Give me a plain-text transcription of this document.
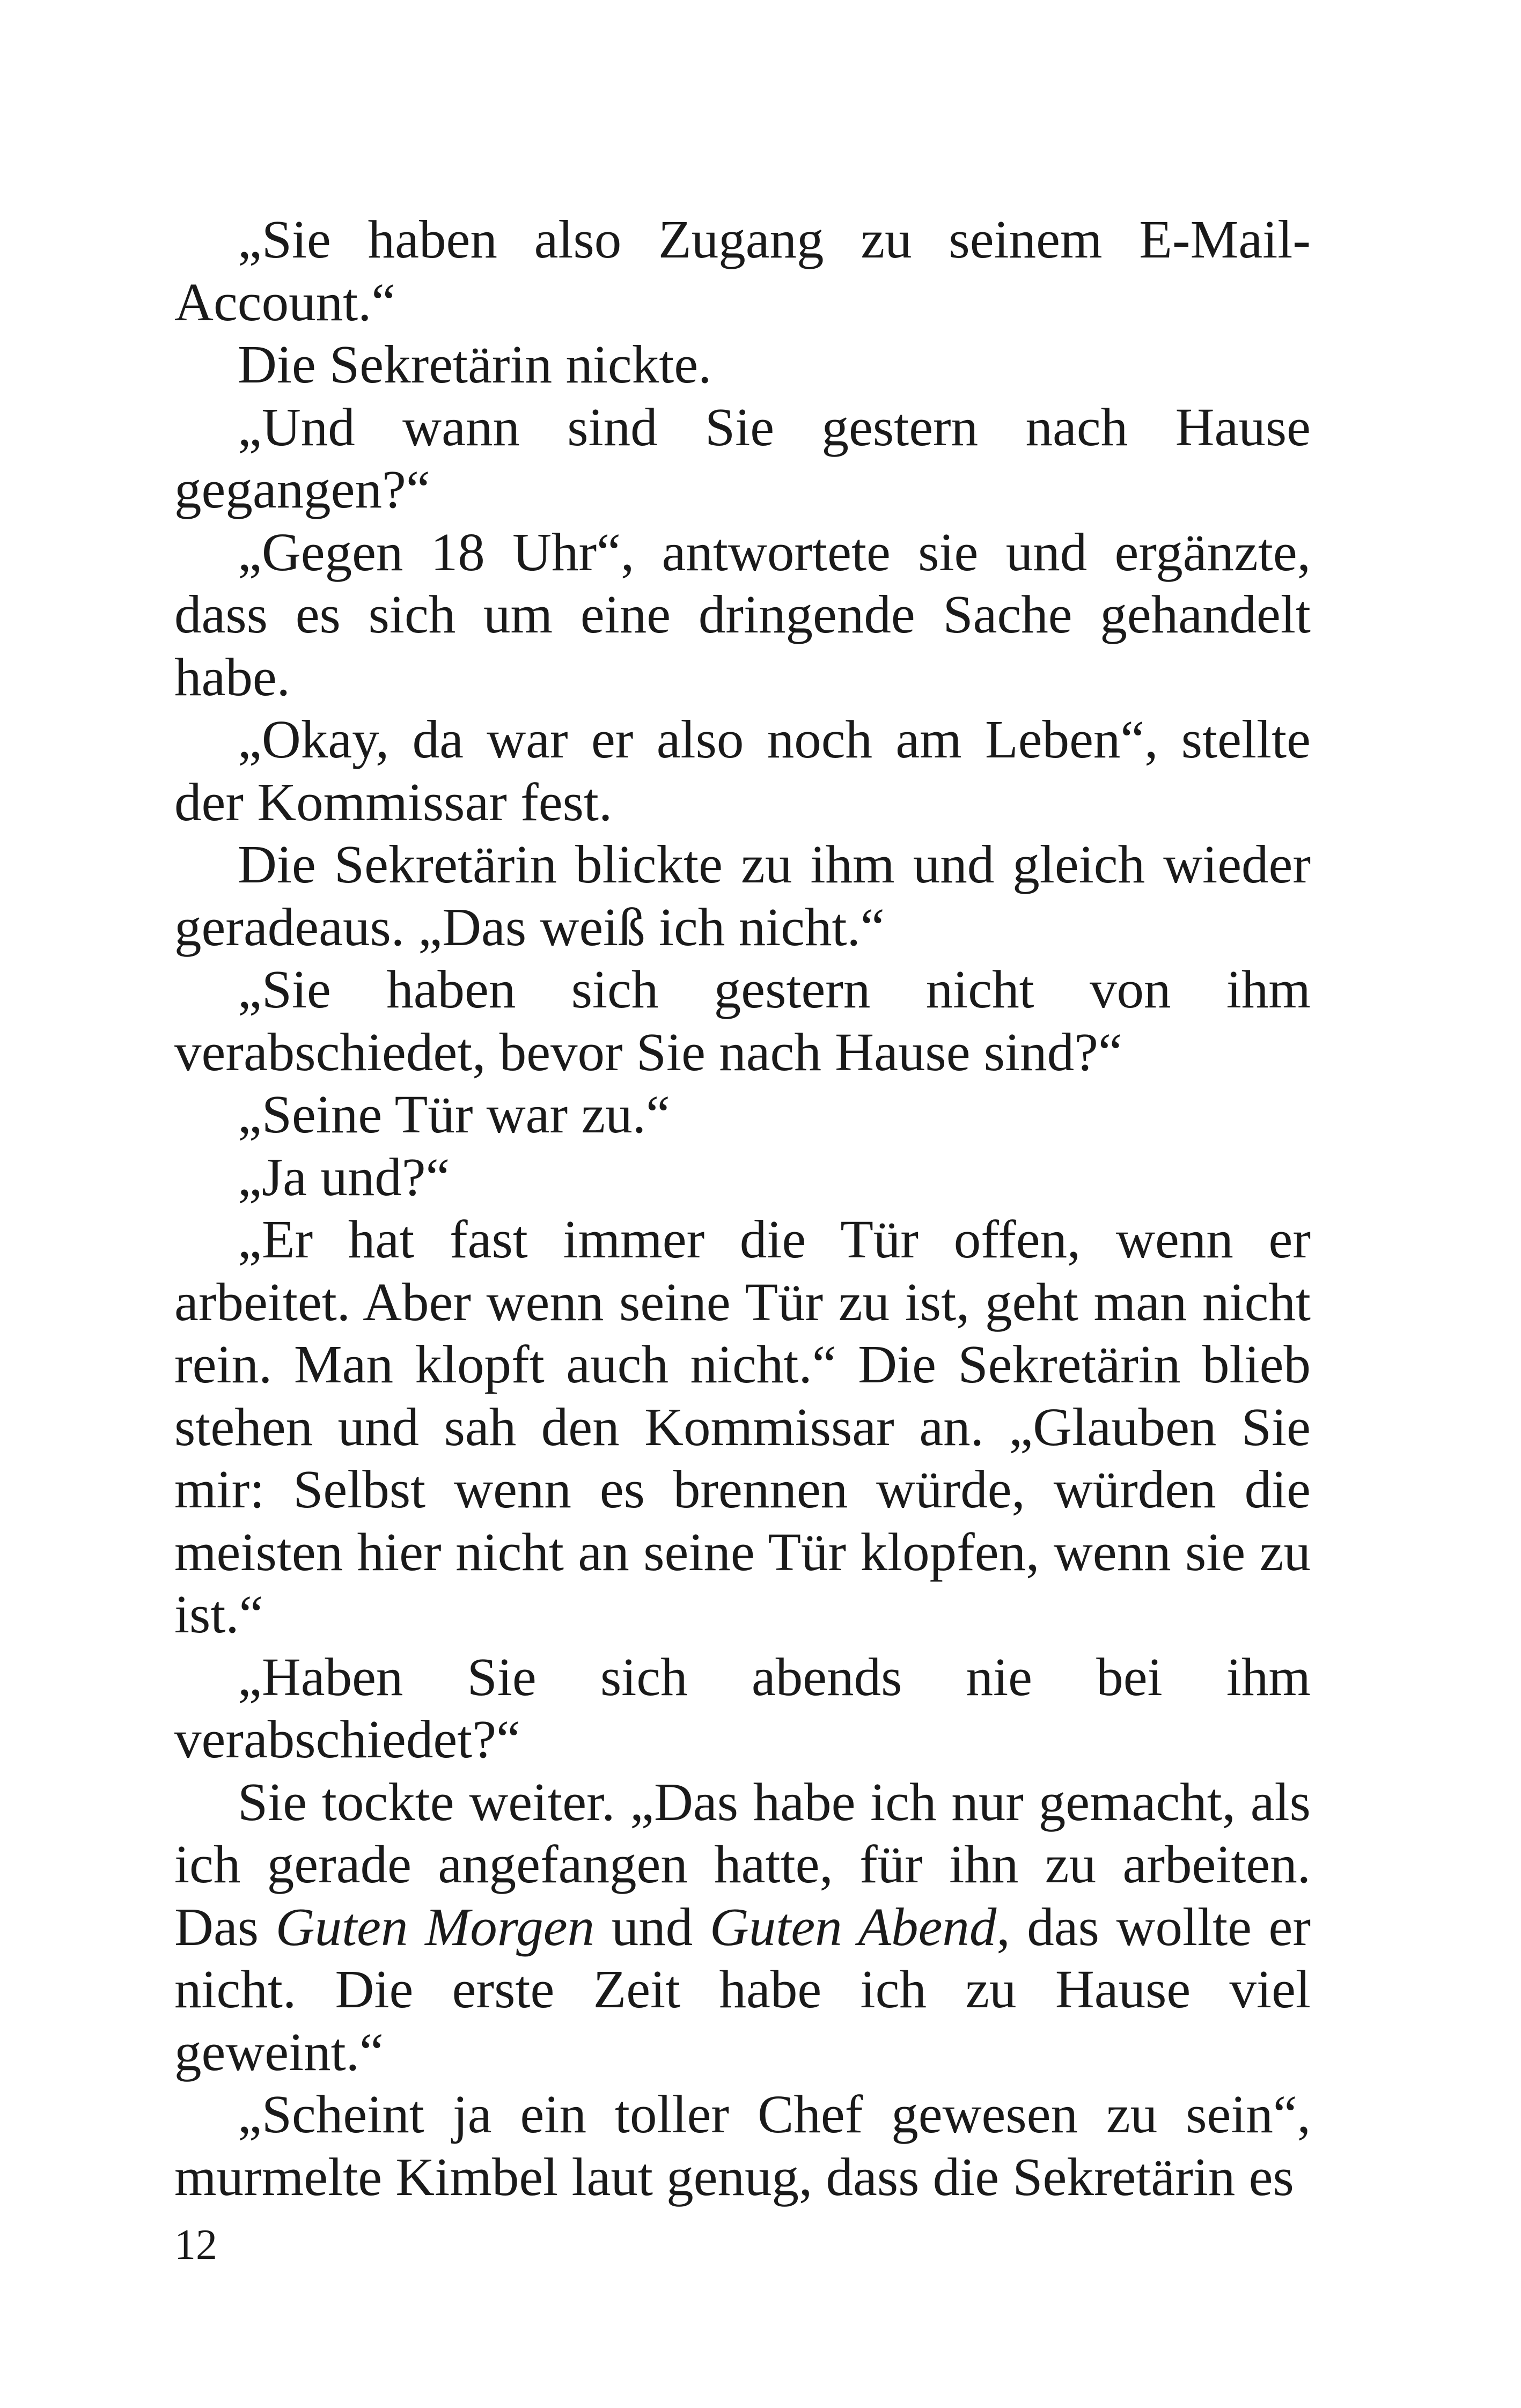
„Sie haben also Zugang zu seinem E-Mail-Account.“

Die Sekretärin nickte.

„Und wann sind Sie gestern nach Hause gegangen?“

„Gegen 18 Uhr“, antwortete sie und ergänzte, dass es sich um eine dringende Sache gehandelt habe.

„Okay, da war er also noch am Leben“, stellte der Kommissar fest.

Die Sekretärin blickte zu ihm und gleich wieder geradeaus. „Das weiß ich nicht.“

„Sie haben sich gestern nicht von ihm verabschiedet, bevor Sie nach Hause sind?“

„Seine Tür war zu.“

„Ja und?“

„Er hat fast immer die Tür offen, wenn er arbeitet. Aber wenn seine Tür zu ist, geht man nicht rein. Man klopft auch nicht.“ Die Sekretärin blieb stehen und sah den Kommissar an. „Glauben Sie mir: Selbst wenn es brennen würde, würden die meisten hier nicht an seine Tür klopfen, wenn sie zu ist.“

„Haben Sie sich abends nie bei ihm verabschiedet?“

Sie tockte weiter. „Das habe ich nur gemacht, als ich gerade angefangen hatte, für ihn zu arbeiten. Das Guten Morgen und Guten Abend, das wollte er nicht. Die erste Zeit habe ich zu Hause viel geweint.“

„Scheint ja ein toller Chef gewesen zu sein“, murmelte Kimbel laut genug, dass die Sekretärin es

12
